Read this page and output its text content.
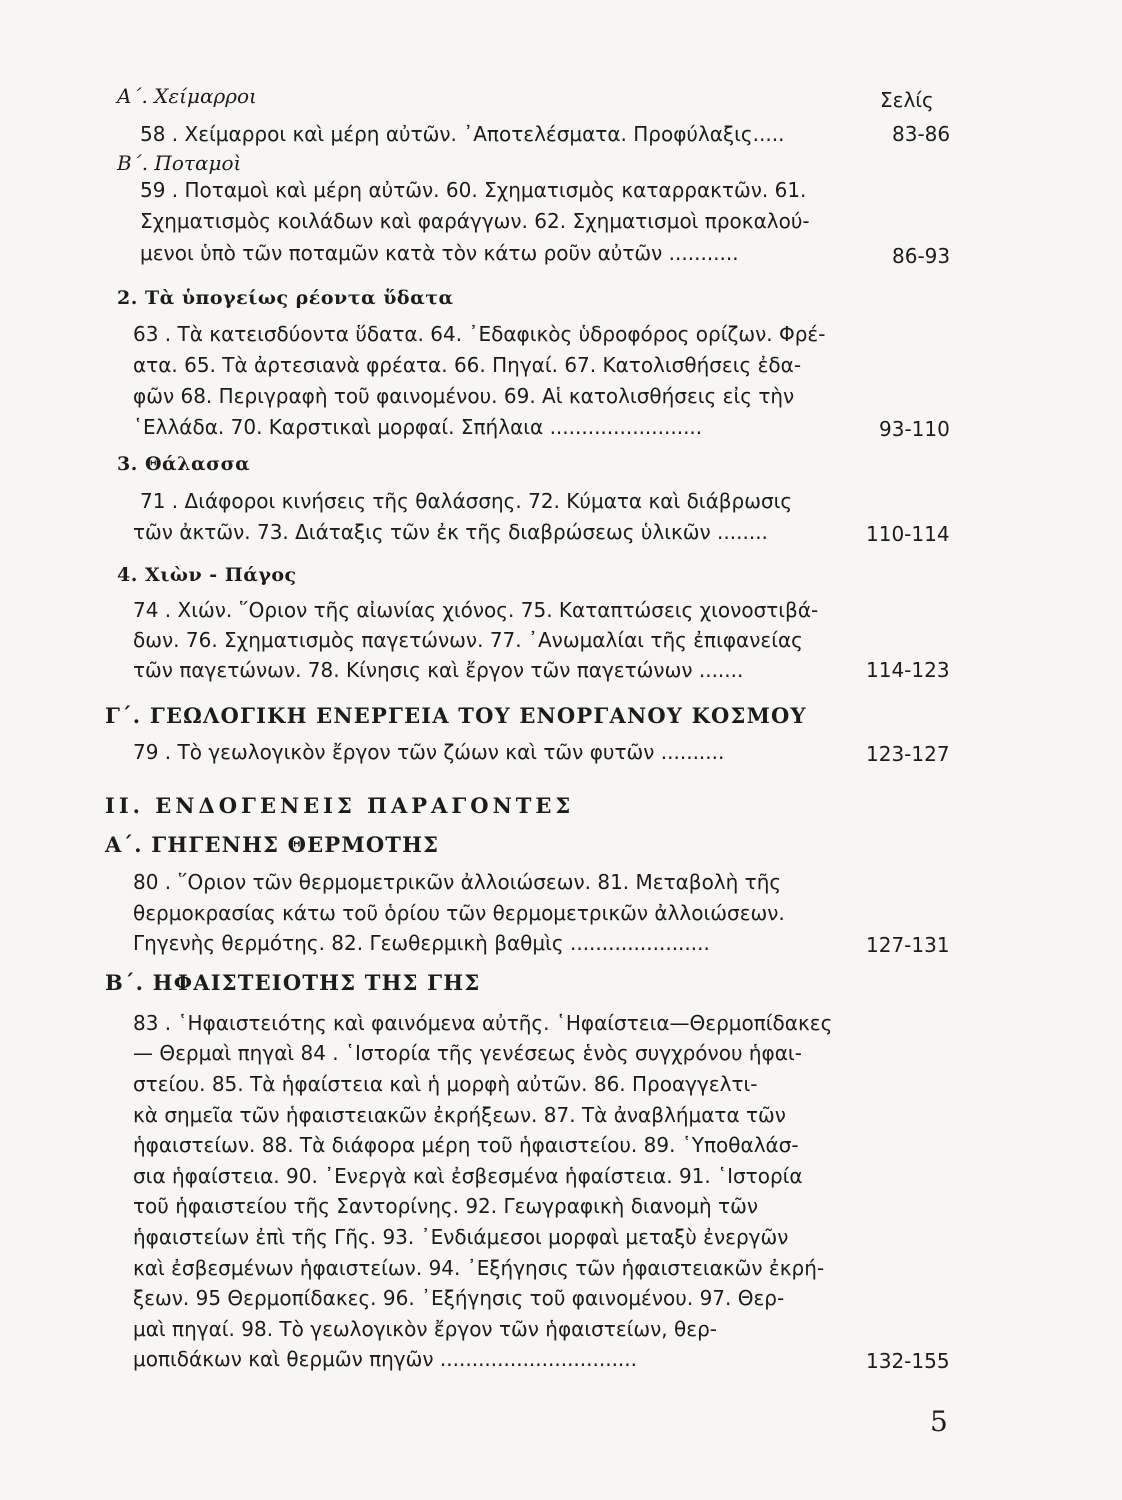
Α΄. Χείμαρροι	Σελίς
58 . Χείμαρροι καὶ μέρη αὐτῶν. ᾿Αποτελέσματα. Προφύλαξις.....	83-86
Β΄. Ποταμοὶ
59 . Ποταμοὶ καὶ μέρη αὐτῶν. 60. Σχηματισμὸς καταρρακτῶν. 61.
Σχηματισμὸς κοιλάδων καὶ φαράγγων. 62. Σχηματισμοὶ προκαλού-
μενοι ὑπὸ τῶν ποταμῶν κατὰ τὸν κάτω ροῦν αὐτῶν ...........	86-93
2. Τὰ ὑπογείως ρέοντα ὕδατα
63 . Τὰ κατεισδύοντα ὕδατα. 64. ᾿Εδαφικὸς ὑδροφόρος ορίζων. Φρέ-
ατα. 65. Τὰ ἀρτεσιανὰ φρέατα. 66. Πηγαί. 67. Κατολισθήσεις ἐδα-
φῶν 68. Περιγραφὴ τοῦ φαινομένου. 69. Αἱ κατολισθήσεις εἰς τὴν
῾Ελλάδα. 70. Καρστικαὶ μορφαί. Σπήλαια ........................	93-110
3. Θάλασσα
71 . Διάφοροι κινήσεις τῆς θαλάσσης. 72. Κύματα καὶ διάβρωσις
τῶν ἀκτῶν. 73. Διάταξις τῶν ἐκ τῆς διαβρώσεως ὑλικῶν ........	110-114
4. Χιὼν - Πάγος
74 . Χιών. ῞Οριον τῆς αἰωνίας χιόνος. 75. Καταπτώσεις χιονοστιβά-
δων. 76. Σχηματισμὸς παγετώνων. 77. ᾿Ανωμαλίαι τῆς ἐπιφανείας
τῶν παγετώνων. 78. Κίνησις καὶ ἔργον τῶν παγετώνων .......	114-123
Γ΄. ΓΕΩΛΟΓΙΚΗ ΕΝΕΡΓΕΙΑ ΤΟΥ ΕΝΟΡΓΑΝΟΥ ΚΟΣΜΟΥ
79 . Τὸ γεωλογικὸν ἔργον τῶν ζώων καὶ τῶν φυτῶν ..........	123-127
II. ΕΝΔΟΓΕΝΕΙΣ ΠΑΡΑΓΟΝΤΕΣ
Α΄. ΓΗΓΕΝΗΣ ΘΕΡΜΟΤΗΣ
80 . ῞Οριον τῶν θερμομετρικῶν ἀλλοιώσεων. 81. Μεταβολὴ τῆς
θερμοκρασίας κάτω τοῦ ὁρίου τῶν θερμομετρικῶν ἀλλοιώσεων.
Γηγενὴς θερμότης. 82. Γεωθερμικὴ βαθμὶς ......................	127-131
Β΄. ΗΦΑΙΣΤΕΙΟΤΗΣ ΤΗΣ ΓΗΣ
83 . ῾Ηφαιστειότης καὶ φαινόμενα αὐτῆς. ῾Ηφαίστεια—Θερμοπίδακες
— Θερμαὶ πηγαὶ 84 . ῾Ιστορία τῆς γενέσεως ἑνὸς συγχρόνου ἡφαι-
στείου. 85. Τὰ ἡφαίστεια καὶ ἡ μορφὴ αὐτῶν. 86. Προαγγελτι-
κὰ σημεῖα τῶν ἡφαιστειακῶν ἐκρήξεων. 87. Τὰ ἀναβλήματα τῶν
ἡφαιστείων. 88. Τὰ διάφορα μέρη τοῦ ἡφαιστείου. 89. ῾Υποθαλάσ-
σια ἡφαίστεια. 90. ᾿Ενεργὰ καὶ ἐσβεσμένα ἡφαίστεια. 91. ῾Ιστορία
τοῦ ἡφαιστείου τῆς Σαντορίνης. 92. Γεωγραφικὴ διανομὴ τῶν
ἡφαιστείων ἐπὶ τῆς Γῆς. 93. ᾿Ενδιάμεσοι μορφαὶ μεταξὺ ἐνεργῶν
καὶ ἐσβεσμένων ἡφαιστείων. 94. ᾿Εξήγησις τῶν ἡφαιστειακῶν ἐκρή-
ξεων. 95 Θερμοπίδακες. 96. ᾿Εξήγησις τοῦ φαινομένου. 97. Θερ-
μαὶ πηγαί. 98. Τὸ γεωλογικὸν ἔργον τῶν ἡφαιστείων, θερ-
μοπιδάκων καὶ θερμῶν πηγῶν ...............................	132-155
5
